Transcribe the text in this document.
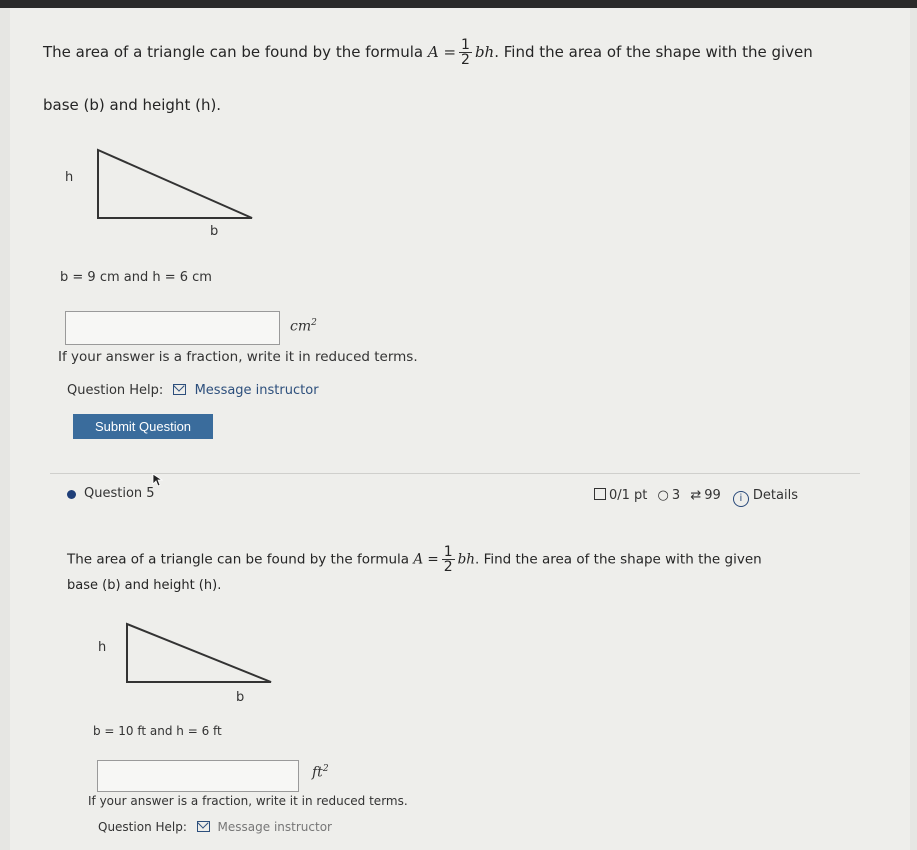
The area of a triangle can be found by the formula $A = \frac{1}{2}$ bh. Find the area of the shape with the given
base (b) and height (h).
h
b
b = 9 cm and h = 6 cm
$cm^2$
If your answer is a fraction, write it in reduced terms.
Question Help: Message instructor
Submit Question
Question 5	0/1 pt ○ 3 ⇄ 99 i Details
The area of a triangle can be found by the formula $A = \frac{1}{2}$ bh. Find the area of the shape with the given
base (b) and height (h).
h
b
b = 10 ft and h = 6 ft
$ft^2$
If your answer is a fraction, write it in reduced terms.
Question Help:	Message instructor
